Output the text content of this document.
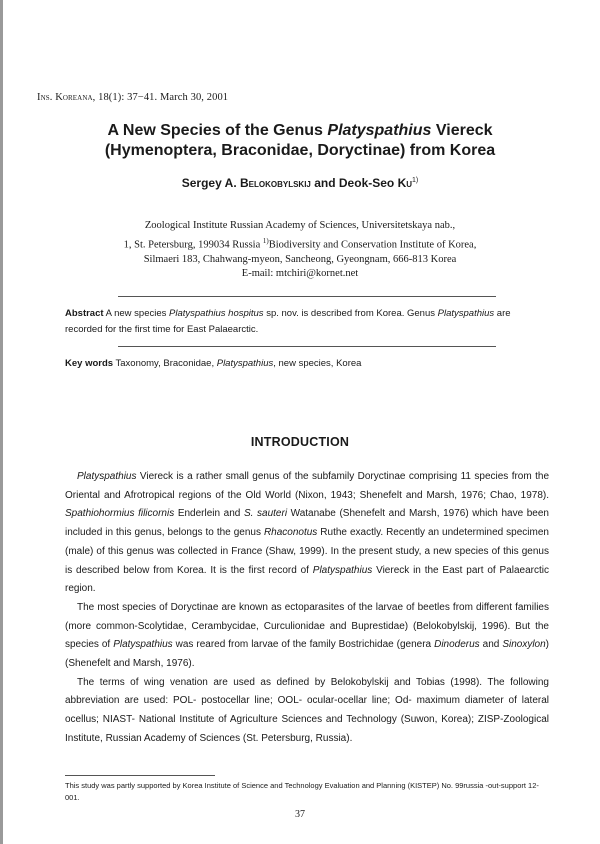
Ins. Koreana, 18(1): 37−41. March 30, 2001
A New Species of the Genus Platyspathius Viereck
(Hymenoptera, Braconidae, Doryctinae) from Korea
Sergey A. Belokobylskij and Deok-Seo Ku$^{1)}$
Zoological Institute Russian Academy of Sciences, Universitetskaya nab.,
1, St. Petersburg, 199034 Russia $^{1)}$Biodiversity and Conservation Institute of Korea,
Silmaeri 183, Chahwang-myeon, Sancheong, Gyeongnam, 666-813 Korea
E-mail: mtchiri@kornet.net
Abstract A new species Platyspathius hospitus sp. nov. is described from Korea. Genus Platyspathius are recorded for the first time for East Palaearctic.
Key words Taxonomy, Braconidae, Platyspathius, new species, Korea
INTRODUCTION

Platyspathius Viereck is a rather small genus of the subfamily Doryctinae comprising 11 species from the Oriental and Afrotropical regions of the Old World (Nixon, 1943; Shenefelt and Marsh, 1976; Chao, 1978). Spathiohormius filicornis Enderlein and S. sauteri Watanabe (Shenefelt and Marsh, 1976) which have been included in this genus, belongs to the genus Rhaconotus Ruthe exactly. Recently an undetermined specimen (male) of this genus was collected in France (Shaw, 1999). In the present study, a new species of this genus is described below from Korea. It is the first record of Platyspathius Viereck in the East part of Palaearctic region.

The most species of Doryctinae are known as ectoparasites of the larvae of beetles from different families (more common-Scolytidae, Cerambycidae, Curculionidae and Buprestidae) (Belokobylskij, 1996). But the species of Platyspathius was reared from larvae of the family Bostrichidae (genera Dinoderus and Sinoxylon) (Shenefelt and Marsh, 1976).

The terms of wing venation are used as defined by Belokobylskij and Tobias (1998). The following abbreviation are used: POL- postocellar line; OOL- ocular-ocellar line; Od- maximum diameter of lateral ocellus; NIAST- National Institute of Agriculture Sciences and Technology (Suwon, Korea); ZISP-Zoological Institute, Russian Academy of Sciences (St. Petersburg, Russia).

This study was partly supported by Korea Institute of Science and Technology Evaluation and Planning (KISTEP) No. 99russia -out-support 12-001.
37
